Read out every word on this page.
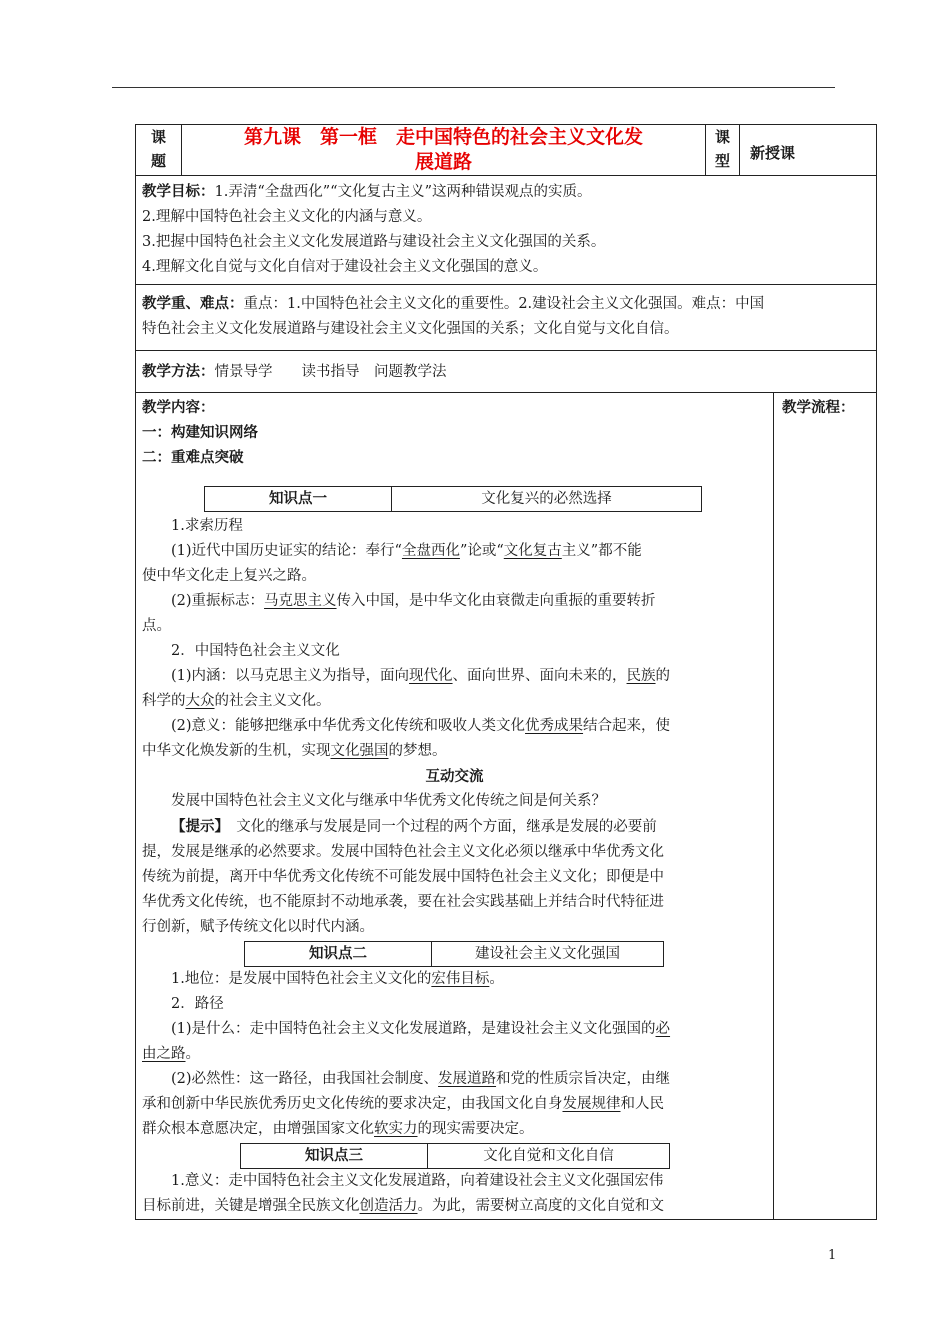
课
题

第九课　第一框　走中国特色的社会主义文化发
展道路

课
型	新授课

教学目标：1.弄清“全盘西化”“文化复古主义”这两种错误观点的实质。

2.理解中国特色社会主义文化的内涵与意义。

3.把握中国特色社会主义文化发展道路与建设社会主义文化强国的关系。

4.理解文化自觉与文化自信对于建设社会主义文化强国的意义。

教学重、难点：重点：1.中国特色社会主义文化的重要性。2.建设社会主义文化强国。难点：中国

特色社会主义文化发展道路与建设社会主义文化强国的关系；文化自觉与文化自信。

教学方法：情景导学　　读书指导　问题教学法

教学内容：

一：构建知识网络

二：重难点突破

知识点一	文化复兴的必然选择

1.求索历程

(1)近代中国历史证实的结论：奉行“全盘西化”论或“文化复古主义”都不能

使中华文化走上复兴之路。

(2)重振标志：马克思主义传入中国，是中华文化由衰微走向重振的重要转折

点。

2．中国特色社会主义文化

(1)内涵：以马克思主义为指导，面向现代化、面向世界、面向未来的，民族的

科学的大众的社会主义文化。

(2)意义：能够把继承中华优秀文化传统和吸收人类文化优秀成果结合起来，使

中华文化焕发新的生机，实现文化强国的梦想。

互动交流

发展中国特色社会主义文化与继承中华优秀文化传统之间是何关系？

【提示】　文化的继承与发展是同一个过程的两个方面，继承是发展的必要前

提，发展是继承的必然要求。发展中国特色社会主义文化必须以继承中华优秀文化

传统为前提，离开中华优秀文化传统不可能发展中国特色社会主义文化；即便是中

华优秀文化传统，也不能原封不动地承袭，要在社会实践基础上并结合时代特征进

行创新，赋予传统文化以时代内涵。

知识点二	建设社会主义文化强国

1.地位：是发展中国特色社会主义文化的宏伟目标。

2．路径

(1)是什么：走中国特色社会主义文化发展道路，是建设社会主义文化强国的必

由之路。

(2)必然性：这一路径，由我国社会制度、发展道路和党的性质宗旨决定，由继

承和创新中华民族优秀历史文化传统的要求决定，由我国文化自身发展规律和人民

群众根本意愿决定，由增强国家文化软实力的现实需要决定。

知识点三	文化自觉和文化自信

1.意义：走中国特色社会主义文化发展道路，向着建设社会主义文化强国宏伟

目标前进，关键是增强全民族文化创造活力。为此，需要树立高度的文化自觉和文

	教学流程：
1
